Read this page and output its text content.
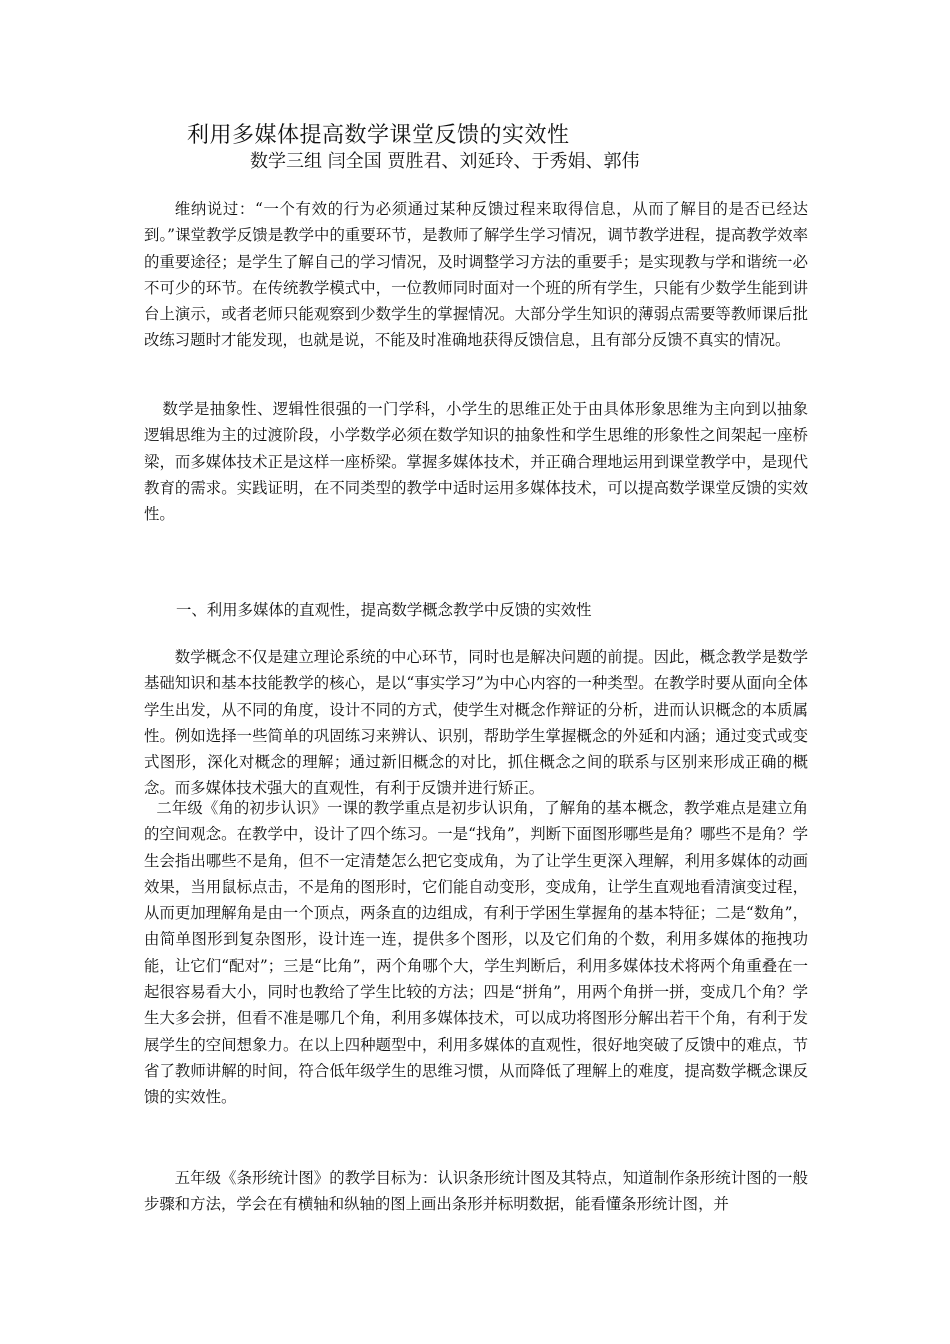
利用多媒体提高数学课堂反馈的实效性
数学三组 闫全国 贾胜君、刘延玲、于秀娟、郭伟

维纳说过：“一个有效的行为必须通过某种反馈过程来取得信息，从而了解目的是否已经达到。”课堂教学反馈是教学中的重要环节，是教师了解学生学习情况，调节教学进程，提高教学效率的重要途径；是学生了解自己的学习情况，及时调整学习方法的重要手；是实现教与学和谐统一必不可少的环节。在传统教学模式中，一位教师同时面对一个班的所有学生，只能有少数学生能到讲台上演示，或者老师只能观察到少数学生的掌握情况。大部分学生知识的薄弱点需要等教师课后批改练习题时才能发现，也就是说，不能及时准确地获得反馈信息，且有部分反馈不真实的情况。

数学是抽象性、逻辑性很强的一门学科，小学生的思维正处于由具体形象思维为主向到以抽象逻辑思维为主的过渡阶段，小学数学必须在数学知识的抽象性和学生思维的形象性之间架起一座桥梁，而多媒体技术正是这样一座桥梁。掌握多媒体技术，并正确合理地运用到课堂教学中，是现代教育的需求。实践证明，在不同类型的教学中适时运用多媒体技术，可以提高数学课堂反馈的实效性。

一、利用多媒体的直观性，提高数学概念教学中反馈的实效性

数学概念不仅是建立理论系统的中心环节，同时也是解决问题的前提。因此，概念教学是数学基础知识和基本技能教学的核心，是以“事实学习”为中心内容的一种类型。在教学时要从面向全体学生出发，从不同的角度，设计不同的方式，使学生对概念作辩证的分析，进而认识概念的本质属性。例如选择一些简单的巩固练习来辨认、识别，帮助学生掌握概念的外延和内涵；通过变式或变式图形，深化对概念的理解；通过新旧概念的对比，抓住概念之间的联系与区别来形成正确的概念。而多媒体技术强大的直观性，有利于反馈并进行矫正。

二年级《角的初步认识》一课的教学重点是初步认识角，了解角的基本概念，教学难点是建立角的空间观念。在教学中，设计了四个练习。一是“找角”，判断下面图形哪些是角？哪些不是角？学生会指出哪些不是角，但不一定清楚怎么把它变成角，为了让学生更深入理解，利用多媒体的动画效果，当用鼠标点击，不是角的图形时，它们能自动变形，变成角，让学生直观地看清演变过程，从而更加理解角是由一个顶点，两条直的边组成，有利于学困生掌握角的基本特征；二是“数角”，由简单图形到复杂图形，设计连一连，提供多个图形，以及它们角的个数，利用多媒体的拖拽功能，让它们“配对”；三是“比角”，两个角哪个大，学生判断后，利用多媒体技术将两个角重叠在一起很容易看大小，同时也教给了学生比较的方法；四是“拼角”，用两个角拼一拼，变成几个角？学生大多会拼，但看不准是哪几个角，利用多媒体技术，可以成功将图形分解出若干个角，有利于发展学生的空间想象力。在以上四种题型中，利用多媒体的直观性，很好地突破了反馈中的难点，节省了教师讲解的时间，符合低年级学生的思维习惯，从而降低了理解上的难度，提高数学概念课反馈的实效性。

五年级《条形统计图》的教学目标为：认识条形统计图及其特点，知道制作条形统计图的一般步骤和方法，学会在有横轴和纵轴的图上画出条形并标明数据，能看懂条形统计图，并
